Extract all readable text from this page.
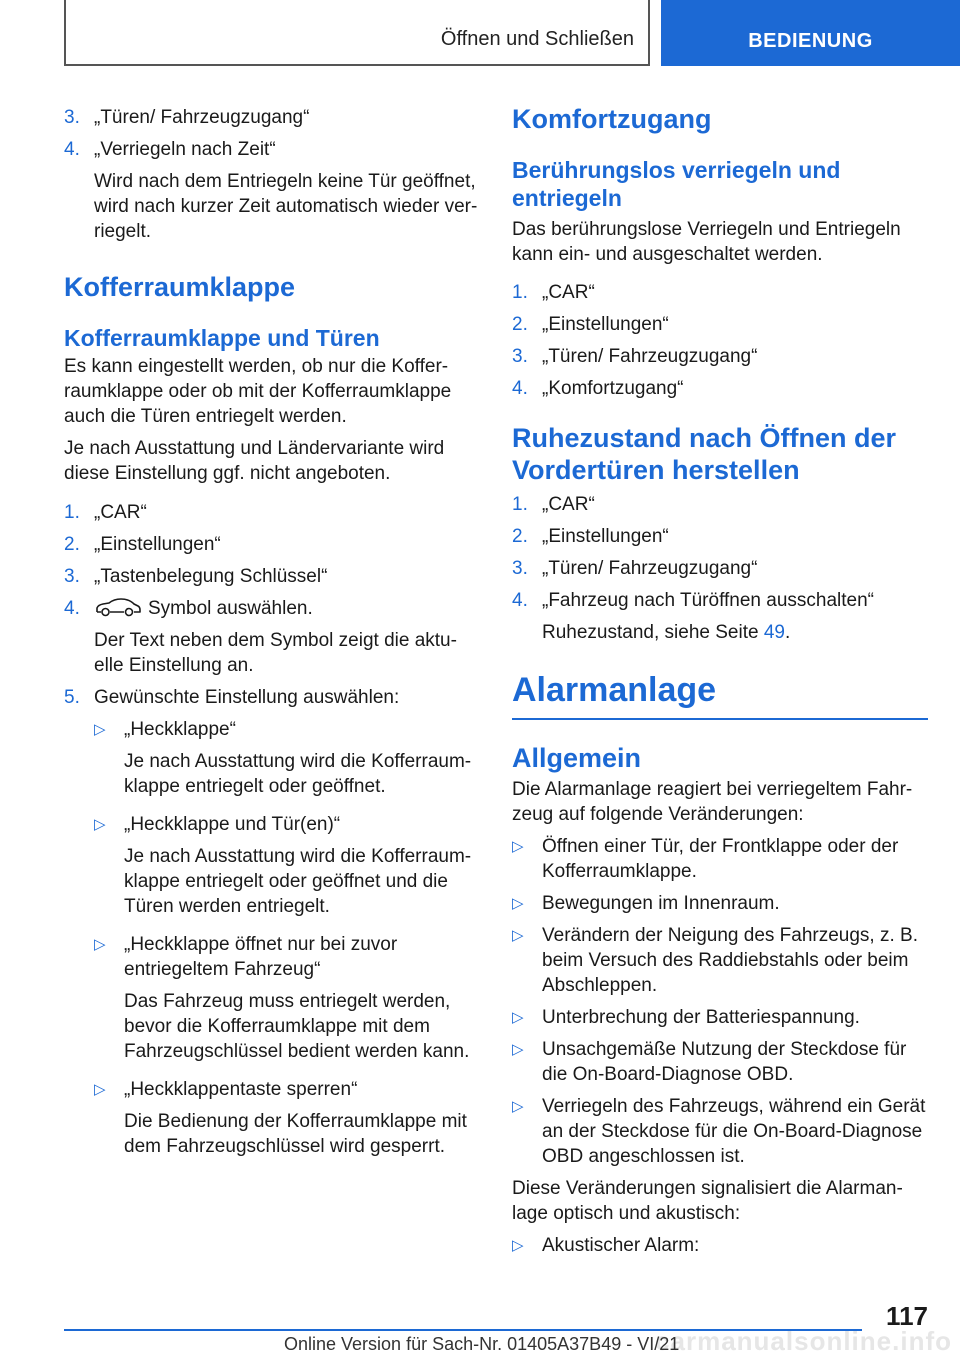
Öffnen und Schließen	BEDIENUNG
3. „Türen/ Fahrzeugzugang“
4. „Verriegeln nach Zeit“
Wird nach dem Entriegeln keine Tür geöffnet,
wird nach kurzer Zeit automatisch wieder ver-
riegelt.
Kofferraumklappe
Kofferraumklappe und Türen
Es kann eingestellt werden, ob nur die Koffer-
raumklappe oder ob mit der Kofferraumklappe
auch die Türen entriegelt werden.
Je nach Ausstattung und Ländervariante wird
diese Einstellung ggf. nicht angeboten.
1. „CAR“
2. „Einstellungen“
3. „Tastenbelegung Schlüssel“
4.	Symbol auswählen.
Der Text neben dem Symbol zeigt die aktu-
elle Einstellung an.
5. Gewünschte Einstellung auswählen:
▷ „Heckklappe“
Je nach Ausstattung wird die Kofferraum-
klappe entriegelt oder geöffnet.
▷ „Heckklappe und Tür(en)“
Je nach Ausstattung wird die Kofferraum-
klappe entriegelt oder geöffnet und die
Türen werden entriegelt.
▷ „Heckklappe öffnet nur bei zuvor
entriegeltem Fahrzeug“
Das Fahrzeug muss entriegelt werden,
bevor die Kofferraumklappe mit dem
Fahrzeugschlüssel bedient werden kann.
▷ „Heckklappentaste sperren“
Die Bedienung der Kofferraumklappe mit
dem Fahrzeugschlüssel wird gesperrt.
Komfortzugang
Berührungslos verriegeln und
entriegeln
Das berührungslose Verriegeln und Entriegeln
kann ein- und ausgeschaltet werden.
1. „CAR“
2. „Einstellungen“
3. „Türen/ Fahrzeugzugang“
4. „Komfortzugang“
Ruhezustand nach Öffnen der
Vordertüren herstellen
1. „CAR“
2. „Einstellungen“
3. „Türen/ Fahrzeugzugang“
4. „Fahrzeug nach Türöffnen ausschalten“
Ruhezustand, siehe Seite 49.
Alarmanlage
Allgemein
Die Alarmanlage reagiert bei verriegeltem Fahr-
zeug auf folgende Veränderungen:
▷ Öffnen einer Tür, der Frontklappe oder der
Kofferraumklappe.
▷ Bewegungen im Innenraum.
▷ Verändern der Neigung des Fahrzeugs, z. B.
beim Versuch des Raddiebstahls oder beim
Abschleppen.
▷ Unterbrechung der Batteriespannung.
▷ Unsachgemäße Nutzung der Steckdose für
die On-Board-Diagnose OBD.
▷ Verriegeln des Fahrzeugs, während ein Gerät
an der Steckdose für die On-Board-Diagnose
OBD angeschlossen ist.
Diese Veränderungen signalisiert die Alarman-
lage optisch und akustisch:
▷ Akustischer Alarm:
117
carmanualsonline.info
Online Version für Sach-Nr. 01405A37B49 - VI/21
